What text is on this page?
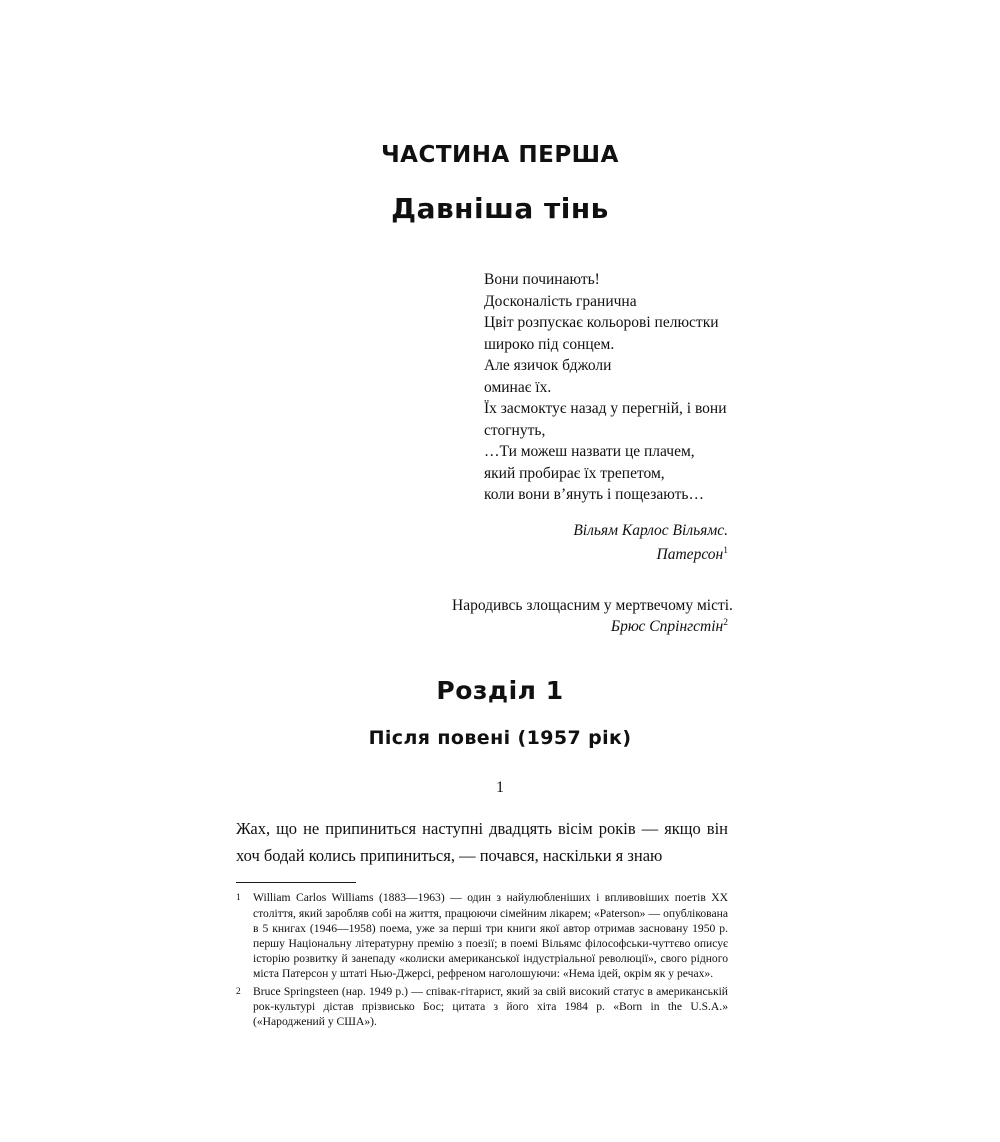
ЧАСТИНА ПЕРША
Давніша тінь
Вони починають!
Досконалість гранична
Цвіт розпускає кольорові пелюстки
широко під сонцем.
Але язичок бджоли
оминає їх.
Їх засмоктує назад у перегній, і вони
стогнуть,
…Ти можеш назвати це плачем,
який пробирає їх трепетом,
коли вони в’януть і пощезають…
Вільям Карлос Вільямс.
Патерсон$^1$
Народивсь злощасним у мертвечому місті.
Брюс Спрінгстін$^2$
Розділ 1
Після повені (1957 рік)
1

Жах, що не припиниться наступні двадцять вісім років — якщо він хоч бодай колись припиниться, — почався, наскільки я знаю

1	William Carlos Williams (1883—1963) — один з найулюбленіших і впливовіших поетів ХХ століття, який заробляв собі на життя, працюючи сімейним лікарем; «Paterson» — опублікована в 5 книгах (1946—1958) поема, уже за перші три книги якої автор отримав засновану 1950 р. першу Національну літературну премію з поезії; в поемі Вільямс філософськи-чуттєво описує історію розвитку й занепаду «колиски американської індустріальної революції», свого рідного міста Патерсон у штаті Нью-Джерсі, рефреном наголошуючи: «Нема ідей, окрім як у речах».
2	Bruce Springsteen (нар. 1949 р.) — співак-гітарист, який за свій високий статус в американській рок-культурі дістав прізвисько Бос; цитата з його хіта 1984 р. «Born in the U.S.A.» («Народжений у США»).
